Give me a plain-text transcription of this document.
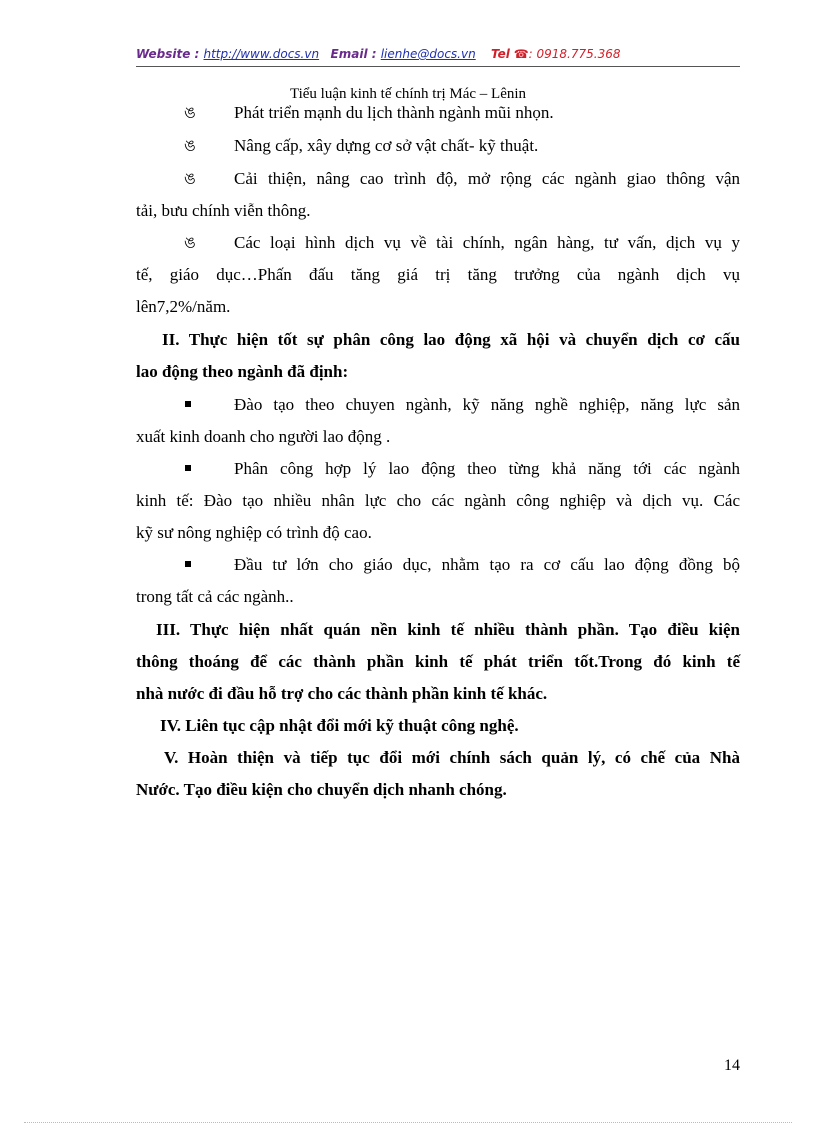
Website : http://www.docs.vn Email : lienhe@docs.vn Tel ☎: 0918.775.368
Tiểu luận kinh tế chính trị Mác – Lênin
ঙ Phát triển mạnh du lịch thành ngành mũi nhọn.
ঙ Nâng cấp, xây dựng cơ sở vật chất- kỹ thuật.
ঙ Cải thiện, nâng cao trình độ, mở rộng các ngành giao thông vận
tải, bưu chính viễn thông.
ঙ Các loại hình dịch vụ về tài chính, ngân hàng, tư vấn, dịch vụ y
tế, giáo dục…Phấn đấu tăng giá trị tăng trưởng của ngành dịch vụ
lên7,2%/năm.
II. Thực hiện tốt sự phân công lao động xã hội và chuyển dịch cơ cấu
lao động theo ngành đã định:
Đào tạo theo chuyen ngành, kỹ năng nghề nghiệp, năng lực sản
xuất kinh doanh cho người lao động .
Phân công hợp lý lao động theo từng khả năng tới các ngành
kinh tế: Đào tạo nhiều nhân lực cho các ngành công nghiệp và dịch vụ. Các
kỹ sư nông nghiệp có trình độ cao.
Đầu tư lớn cho giáo dục, nhằm tạo ra cơ cấu lao động đồng bộ
trong tất cả các ngành..
III. Thực hiện nhất quán nền kinh tế nhiều thành phần. Tạo điều kiện
thông thoáng để các thành phần kinh tế phát triển tốt.Trong đó kinh tế
nhà nước đi đầu hỗ trợ cho các thành phần kinh tế khác.
IV. Liên tục cập nhật đổi mới kỹ thuật công nghệ.
V. Hoàn thiện và tiếp tục đổi mới chính sách quản lý, có chế của Nhà
Nước. Tạo điều kiện cho chuyển dịch nhanh chóng.
14
